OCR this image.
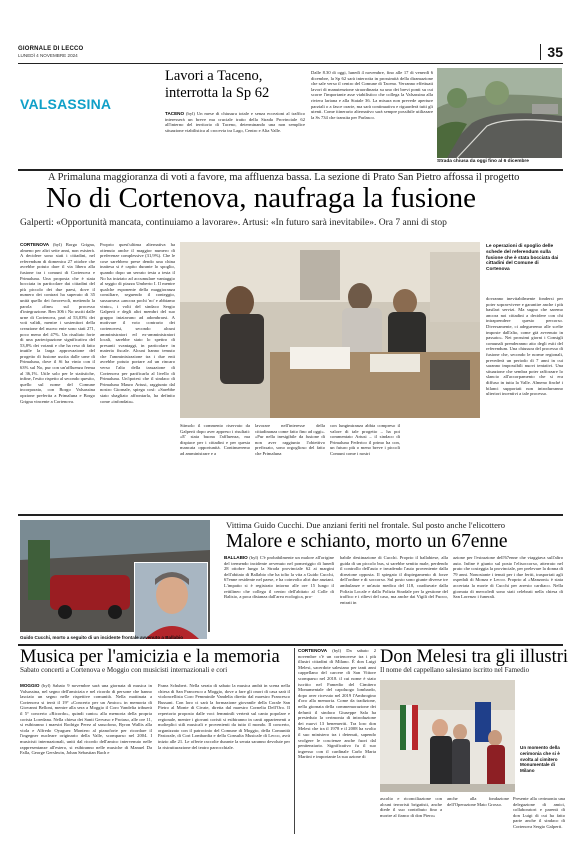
GIORNALE DI LECCO
LUNEDÌ 4 NOVEMBRE 2024	35
VALSASSINA
Lavori a Taceno,
interrotta la Sp 62
TACENO (byl) Un mese di chiusura totale e senza eccezioni al traffico interesserà un breve ma cruciale tratto della Strada Provinciale 62 all'interno del territorio di Taceno, determinando una non semplice situazione viabilistica al crocevia tra Lago, Centro e Alta Valle.
Dalle 8.30 di oggi, lunedì 4 novembre, fino alle 17 di venerdì 6 dicembre, la Sp 62 sarà interrotta in prossimità della diramazione che sale verso il centro del Comune di Taceno. Verranno effettuati lavori di manutenzione straordinaria su uno dei brevi ponti su cui scorre l'importante asse viabilistico che collega la Valsassina alla riviera lariana e alla Statale 36. La misura non prevede aperture parziali o a fasce orarie, ma sarà continuativa e riguarderà tutti gli utenti. Come itinerario alternativo sarà sempre possibile utilizzare la Ss 734 che transita per Parlasco.
Strada chiusa da oggi fino al 6 dicembre
A Primaluna maggioranza di voti a favore, ma affluenza bassa. La sezione di Prato San Pietro affossa il progetto
No di Cortenova, naufraga la fusione
Galperti: «Opportunità mancata, continuiamo a lavorare». Artusi: «In futuro sarà inevitabile». Ora 7 anni di stop
CORTENOVA (byl) Borgo Grigna, almeno per altri sette anni, non esisterà. A decidere sono stati i cittadini, nel referendum di domenica 27 ottobre che avrebbe potuto dare il via libera alla fusione tra i comuni di Cortenova e Primaluna. Una proposta che è stata bocciata in particolare dai cittadini del più piccolo dei due paesi, dove il numero dei contrari ha superato di 35 unità quello dei favorevoli, mettendo la parola «fine» sul processo d'integrazione. Ben 306 i No usciti dalle urne di Cortenova, pari al 53,03% dei voti validi, mentre i sostenitori della creazione del nuovo ente sono stati 271, poco meno del 47%. Un risultato forte di una partecipazione significativa del 53,8% dei votanti e che ha reso di fatto inutile la larga approvazione del progetto di fusione uscita dalle urne di Primaluna, dove il Sì ha vinto con il 63% sul No, pur con un'affluenza ferma al 36,1%. Utile solo per le statistiche, infine, l'esito rispetto al secondo quesito, quello sul nome del Comune incorporato, con Borgo Valsassina opzione preferita a Primaluna e Borgo Grigna vincente a Cortenova.
Proprio quest'ultima alternativa ha ottenuto anche il maggior numero di preferenze complessive (31,9%). Che le cose sarebbero prese dendo una china inattesa si è capito durante lo spoglio, quando dopo un serrato testa a testa il No ha iniziato ad accumulare vantaggio al seggio di piazza Umberto I. Il mentre qualche esponente della maggioranza consiliare, seguendo il conteggio, sussurrava «ancora pochi 'no' e abbiamo vinto», i volti del sindaco Sergio Galperti e degli altri membri del suo gruppo iniziavano ad adombrarsi. A motivare il voto contrario dei cortenovesi, secondo alcuni amministratori ed ex-amministratori locali, sarebbe stato lo spettro di presunti svantaggi, in particolare in materia fiscale. Alcuni hanno temuto che l'amministrazione tra i due enti avrebbe potuto portare ad un rincaro verso l'alto della tassazione di Cortenova per parificarla al livello di Primaluna. Un'ipotesi che il sindaco di Primaluna Mauro Artusi, raggiunto dal nostro Giornale, spiega così: «Sarebbe stato sbagliato affrontarla, ha definito come «infondata».
Le operazioni di spoglio delle schede del referendum sulla fusione che è stata bocciata dai cittadini del Comune di Cortenova
Stimolo il commento riservato da Galperti dopo aver appreso i risultati: «E' stata buona l'affluenza, ma dispiace per i cittadini e per questa mancata opportunità. Continueremo ad amministrare e a
lavorare nell'interesse della cittadinanza come fatto fino ad oggi». «Pur nella inesigibile da fusione di non aver raggiunto l'obiettivo prefissato, sono orgoglioso del fatto che Primaluna
con lungimiranza abbia compreso il valore di tale progetto – ha poi commentato Artusi – il sindaco di Primaluna Federico il primo ha con, un futuro più o meno breve i piccoli Comuni come i nostri
dovranno inevitabilmente fondersi per poter sopravvivere e garantire anche i più basilari servizi. Ma sugno che saremo ancora noi cittadini a decidere con chi intraprendere questo percorso. Diversamente, ci adegueremo alle scelte imposte dall'alto, come già avvenuto in passato». Nei prossimi giorni i Consigli comunali prenderanno atto degli esiti del referendum. Una chiusura del processo di fusione che, secondo le norme regionali, prevederà un periodo di 7 anni in cui saranno impossibili nuovi tentativi. Una situazione che sembra poter rafforzare lo slancio all'accorpamento che si era diffuso in tutta la Valle. Almeno finché i bilanci supportati non introdurranno ulteriori incentivi a tale processo.
Guido Cucchi, morto a seguito di un incidente frontale avvenuto a Ballabio
Vittima Guido Cucchi. Due anziani feriti nel frontale. Sul posto anche l'elicottero
Malore e schianto, morto un 67enne
BALLABIO (byl) C'è probabilmente un malore all'origine del tremendo incidente avvenuto nel pomeriggio di lunedì 28 ottobre lungo la Strada provinciale 62 ai margini dell'abitato di Ballabio che ha tolto la vita a Guido Cucchi, 67enne residente nel paese, e ha coinvolto altri due anziani. L'impatto si è registrato intorno alle ore 15 lungo il rettilineo che collega il centro dell'abitato al Colle di Balisio, a poca distanza dall'area ecologica, pro-
babile destinazione di Cucchi. Proprio il ballabiese, alla guida di un piccolo bus, si sarebbe sentito male, perdendo il controllo dell'auto e invadendo l'auto proveniente dalla direzione opposta. Il spiegato il dispiegamento di forze dell'ordine e di soccorso. Sul posto sono giunte diverse tre ambulanze e un'auto medica del 118, coadiuvate dalla Polizia Locale e dalla Polizia Stradale per la gestione del traffico e i rilievi del caso, ma anche dai Vigili del Fuoco, entrati in
azione per l'estrazione dell'67enne che viaggiava sull'altro auto. Infine è giunto sul posto l'elisoccorso, atterrato nel prato che costeggia la provinciale, per prelevare la donna di 79 anni. Nonostante i tenuti per i due feriti, trasportati agli ospedali di Monza e Lecco. Proprio al «Manzoni» è stata accertata la morte di Cucchi per arresto cardiaco. Nella giornata di mercoledì sono stati celebrati nella chiesa di San Lorenzo i funerali.
Musica per l'amicizia e la memoria
Sabato concerti a Cortenova e Moggio con musicisti internazionali e cori
MOGGIO (byl) Sabato 9 novembre sarà una giornata di musica in Valsassina, nel segno dell'amicizia e nel ricordo di persone che hanno lasciato un segno nelle rispettive comunità. Nella mattinata a Cortenova si terrà il 19° «Concerto per un Amico» in memoria di Giovanni Belloni, mentre alla sera a Moggio il Coro Vandelia tribuerà il 5° concerto «Ricordo», quindi canto» alla memoria della propria corista Loredana. Nella chiesa dei Santi Gervaso e Protaso, alle ore 11, si esibiranno i maestri Rodrigo Perez al sassofono, Byron Wallis alla viola e Alfredo Oyaguez Montero al pianoforte per ricordare il l'ingegner nucleare originario della Valle, scomparso nel 2004. I musicisti internazionali, uniti dal ricordo dell'amico intervenuto nelle rappresentanze all'estero, si esibiranno nelle musiche di Manuel Da Falla, George Gershwin, Johan Sebastian Bach e
Franz Schubert. Nella serata di sabato la musica andrà in scena nella chiesa di San Francesco a Moggio, dove a fare gli onori di casa sarà il violoncellista Coro Femminile Vandelia diretto dal maestro Francesco Bussani. Con loro ci sarà la formazione giovanile della Corale San Pietro al Monte di Civate, diretta dal maestro Cornelia Dell'Oro. Il repertorio proposto dalle voci femminili verterà sul canto popolare e regionale, mentre i giovani coristi si esibiranno in canti appartenenti a molteplici stili musicali e provenienti da tutto il mondo. Il concerto, organizzato con il patrocinio del Comune di Moggio, della Comunità Pastorale, di Cori Lombardia e della Consulta Musicale di Lecco, avrà inizio alle 21. Le offerte raccolte durante la serata saranno devolute per la ristrutturazione del teatro parrocchiale.
CORTENOVA (byl) Da sabato 2 novembre c'è un cortenovese tra i più illustri cittadini di Milano. È don Luigi Melesi, sacerdote salesiano per tanti anni cappellano del carcere di San Vittore scomparso nel 2018. il cui nome è stato iscritto nel Famedio del Cimitero Monumentale del capoluogo lombardo, dopo aver ricevuto nel 2019 l'Ambrogino d'oro alla memoria. Come da tradizione, nella giornata della commemorazione dei defunti il sindaco Giuseppe Sala ha presieduto la cerimonia di introduzione dei nuovi 13 benemeriti. Tra loro don Melesi che tra il 1978 e il 2008 ha svolto il suo ministero tra i detenuti, sapendo svolgere le coscienze anche fuori dal penitenziario. Significativo fu il suo ingresso con il cardinale Carlo Maria Martini e importante la sua azione di
Don Melesi tra gli illustri
Il nome del cappellano salesiano iscritto nel Famedio
Un momento della cerimonia che si è svolta al cimitero Monumentale di Milano
ascolto e riconciliazione con alcuni terroristi brigatisti, anche diede il suo contributo fino a morire al fianco di don Piero»
anche alla fondazione dell'Operazione Mato Grosso.
Presente alla cerimonia una delegazione di amici, collaboratori e parenti di don Luigi di cui ha fatto parte anche il sindaco di Cortenova Sergio Galperti.
